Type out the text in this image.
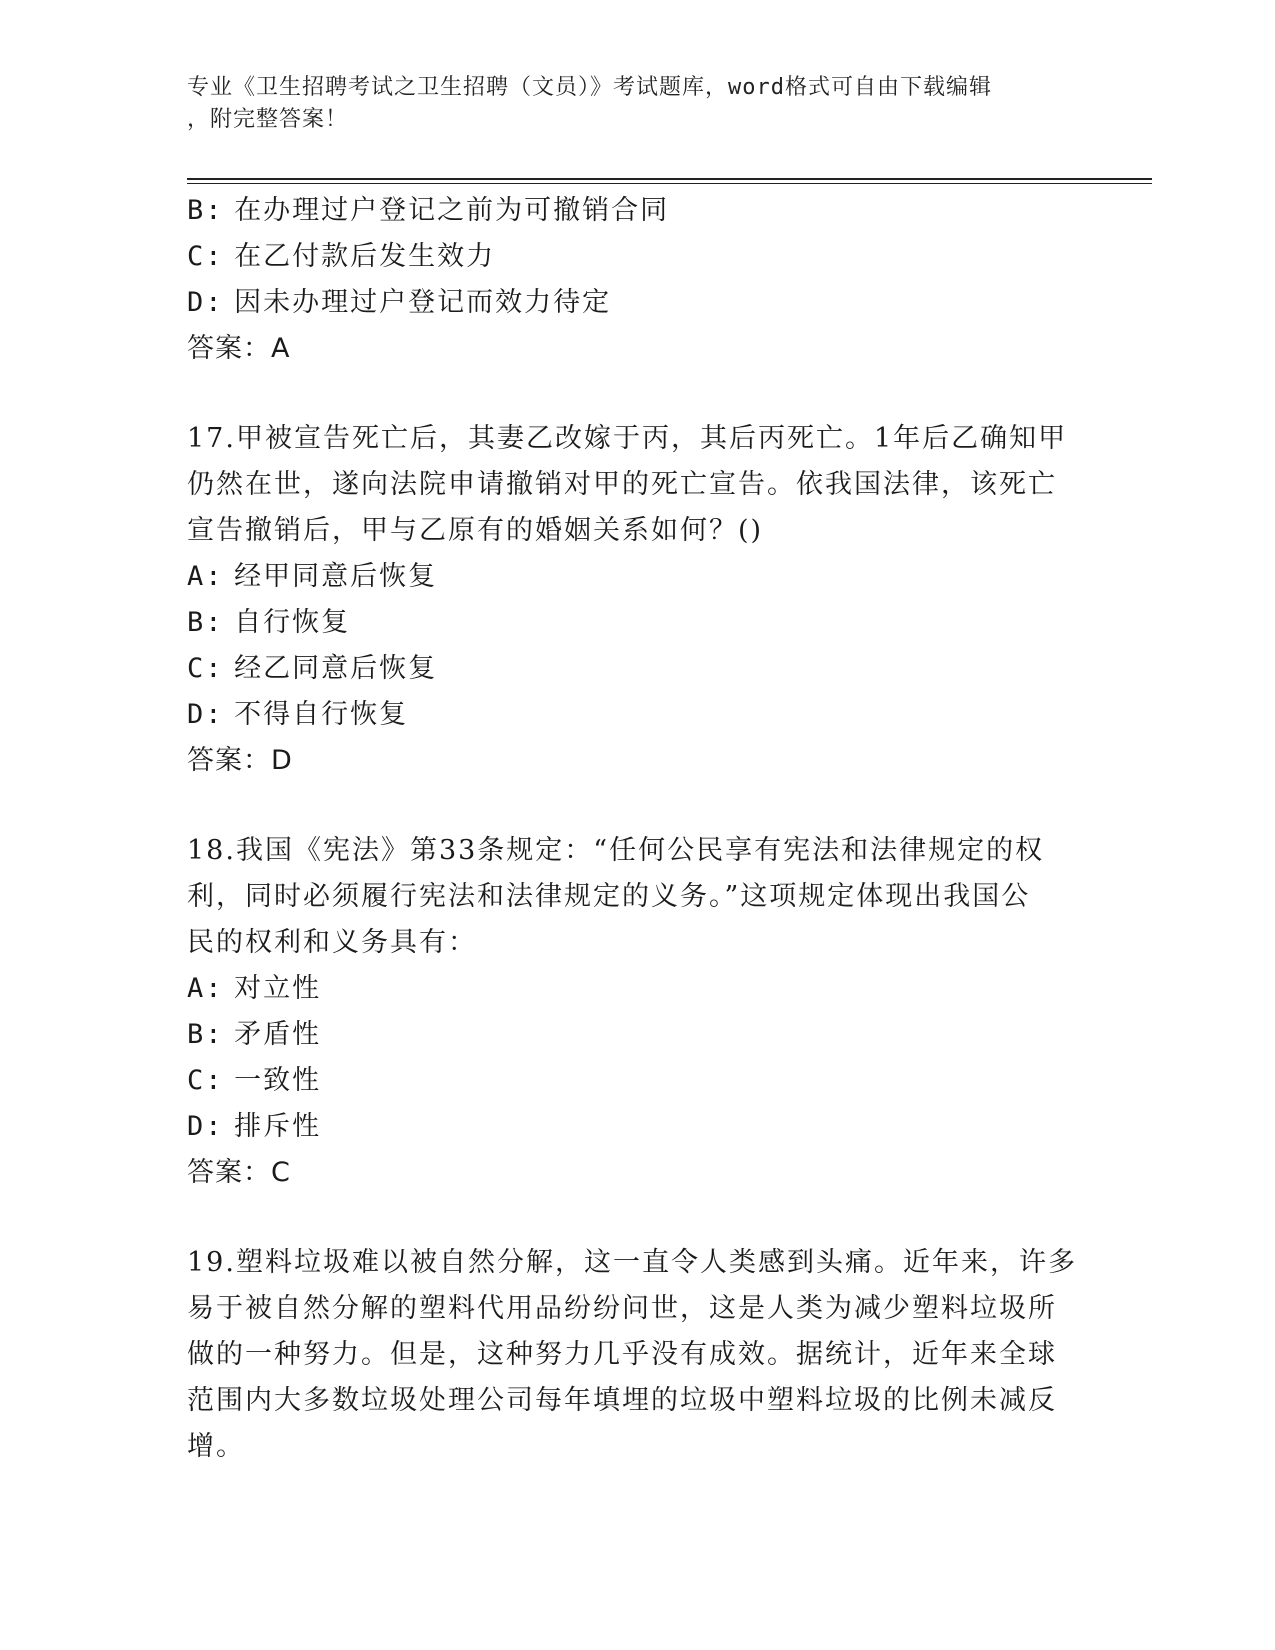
专业《卫生招聘考试之卫生招聘（文员）》考试题库，word格式可自由下载编辑
，附完整答案！
B: 在办理过户登记之前为可撤销合同
C: 在乙付款后发生效力
D: 因未办理过户登记而效力待定
答案：A
17.甲被宣告死亡后，其妻乙改嫁于丙，其后丙死亡。1年后乙确知甲
仍然在世，遂向法院申请撤销对甲的死亡宣告。依我国法律，该死亡
宣告撤销后，甲与乙原有的婚姻关系如何？()
A: 经甲同意后恢复
B: 自行恢复
C: 经乙同意后恢复
D: 不得自行恢复
答案：D
18.我国《宪法》第33条规定：“任何公民享有宪法和法律规定的权
利，同时必须履行宪法和法律规定的义务。”这项规定体现出我国公
民的权利和义务具有：
A: 对立性
B: 矛盾性
C: 一致性
D: 排斥性
答案：C
19.塑料垃圾难以被自然分解，这一直令人类感到头痛。近年来，许多
易于被自然分解的塑料代用品纷纷问世，这是人类为减少塑料垃圾所
做的一种努力。但是，这种努力几乎没有成效。据统计，近年来全球
范围内大多数垃圾处理公司每年填埋的垃圾中塑料垃圾的比例未减反
增。
